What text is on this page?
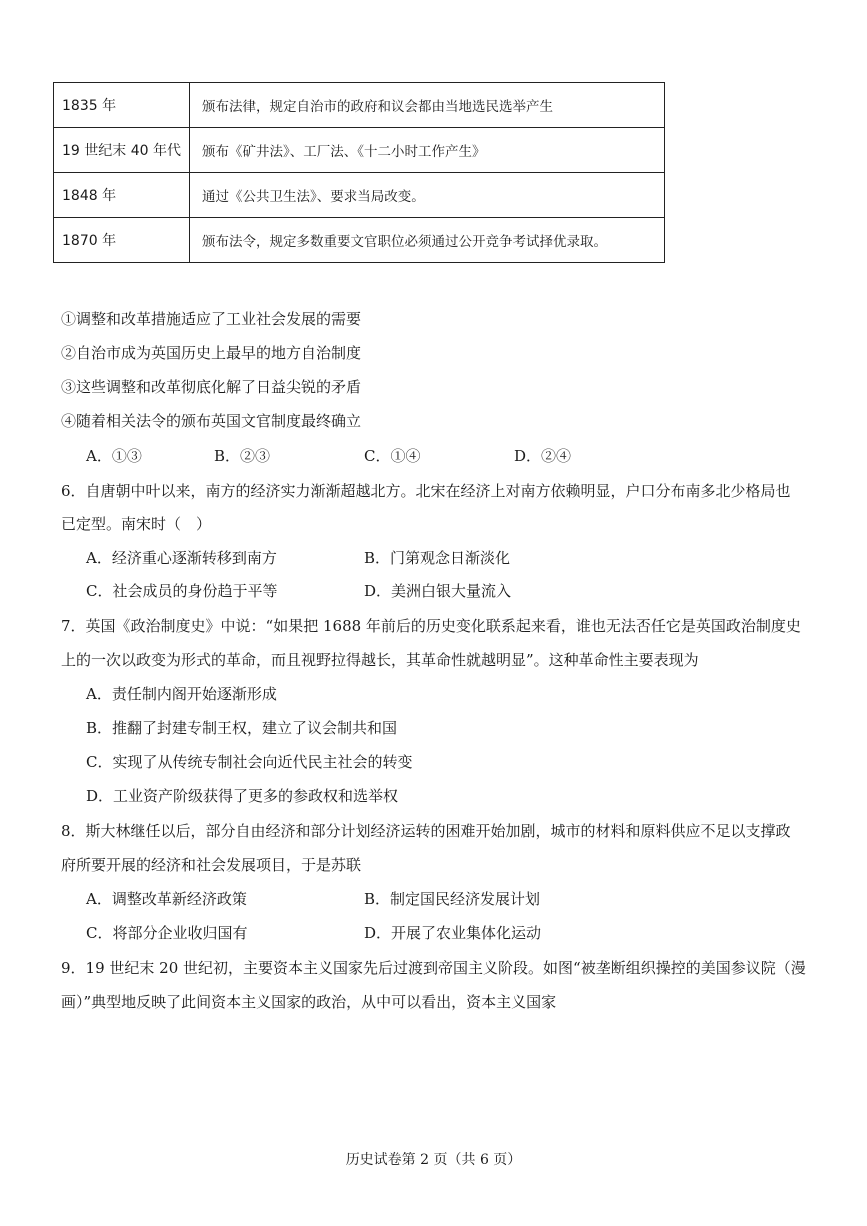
1835 年	颁布法律，规定自治市的政府和议会都由当地选民选举产生
19 世纪末 40 年代	颁布《矿井法》、工厂法、《十二小时工作产生》
1848 年	通过《公共卫生法》、要求当局改变。
1870 年	颁布法令，规定多数重要文官职位必须通过公开竞争考试择优录取。
①调整和改革措施适应了工业社会发展的需要
②自治市成为英国历史上最早的地方自治制度
③这些调整和改革彻底化解了日益尖锐的矛盾
④随着相关法令的颁布英国文官制度最终确立
A．①③	B．②③	C．①④	D．②④
6．自唐朝中叶以来，南方的经济实力渐渐超越北方。北宋在经济上对南方依赖明显，户口分布南多北少格局也
已定型。南宋时（　）
A．经济重心逐渐转移到南方	B．门第观念日渐淡化
C．社会成员的身份趋于平等	D．美洲白银大量流入
7．英国《政治制度史》中说：“如果把 1688 年前后的历史变化联系起来看，谁也无法否任它是英国政治制度史
上的一次以政变为形式的革命，而且视野拉得越长，其革命性就越明显”。这种革命性主要表现为
A．责任制内阁开始逐渐形成
B．推翻了封建专制王权，建立了议会制共和国
C．实现了从传统专制社会向近代民主社会的转变
D．工业资产阶级获得了更多的参政权和选举权
8．斯大林继任以后，部分自由经济和部分计划经济运转的困难开始加剧，城市的材料和原料供应不足以支撑政
府所要开展的经济和社会发展项目，于是苏联
A．调整改革新经济政策	B．制定国民经济发展计划
C．将部分企业收归国有	D．开展了农业集体化运动
9．19 世纪末 20 世纪初，主要资本主义国家先后过渡到帝国主义阶段。如图“被垄断组织操控的美国参议院（漫
画）”典型地反映了此间资本主义国家的政治，从中可以看出，资本主义国家
历史试卷第 2 页（共 6 页）
